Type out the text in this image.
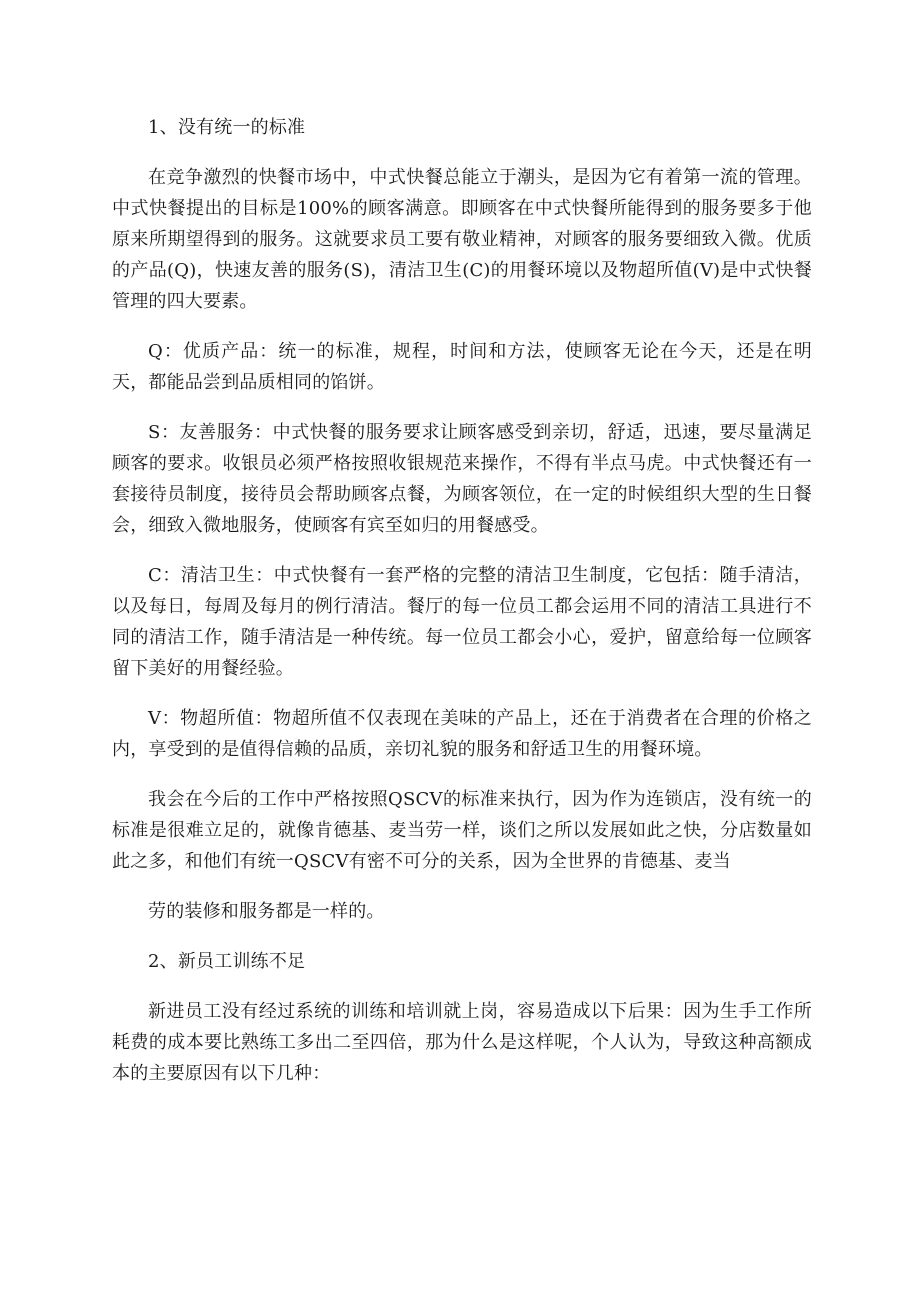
1、没有统一的标准

在竞争激烈的快餐市场中，中式快餐总能立于潮头，是因为它有着第一流的管理。中式快餐提出的目标是100%的顾客满意。即顾客在中式快餐所能得到的服务要多于他原来所期望得到的服务。这就要求员工要有敬业精神，对顾客的服务要细致入微。优质的产品(Q)，快速友善的服务(S)，清洁卫生(C)的用餐环境以及物超所值(V)是中式快餐管理的四大要素。

Q：优质产品：统一的标准，规程，时间和方法，使顾客无论在今天，还是在明天，都能品尝到品质相同的馅饼。

S：友善服务：中式快餐的服务要求让顾客感受到亲切，舒适，迅速，要尽量满足顾客的要求。收银员必须严格按照收银规范来操作，不得有半点马虎。中式快餐还有一套接待员制度，接待员会帮助顾客点餐，为顾客领位，在一定的时候组织大型的生日餐会，细致入微地服务，使顾客有宾至如归的用餐感受。

C：清洁卫生：中式快餐有一套严格的完整的清洁卫生制度，它包括：随手清洁，以及每日，每周及每月的例行清洁。餐厅的每一位员工都会运用不同的清洁工具进行不同的清洁工作，随手清洁是一种传统。每一位员工都会小心，爱护，留意给每一位顾客留下美好的用餐经验。

V：物超所值：物超所值不仅表现在美味的产品上，还在于消费者在合理的价格之内，享受到的是值得信赖的品质，亲切礼貌的服务和舒适卫生的用餐环境。

我会在今后的工作中严格按照QSCV的标准来执行，因为作为连锁店，没有统一的标准是很难立足的，就像肯德基、麦当劳一样，谈们之所以发展如此之快，分店数量如此之多，和他们有统一QSCV有密不可分的关系，因为全世界的肯德基、麦当

劳的装修和服务都是一样的。

2、新员工训练不足

新进员工没有经过系统的训练和培训就上岗，容易造成以下后果：因为生手工作所耗费的成本要比熟练工多出二至四倍，那为什么是这样呢，个人认为，导致这种高额成本的主要原因有以下几种：
